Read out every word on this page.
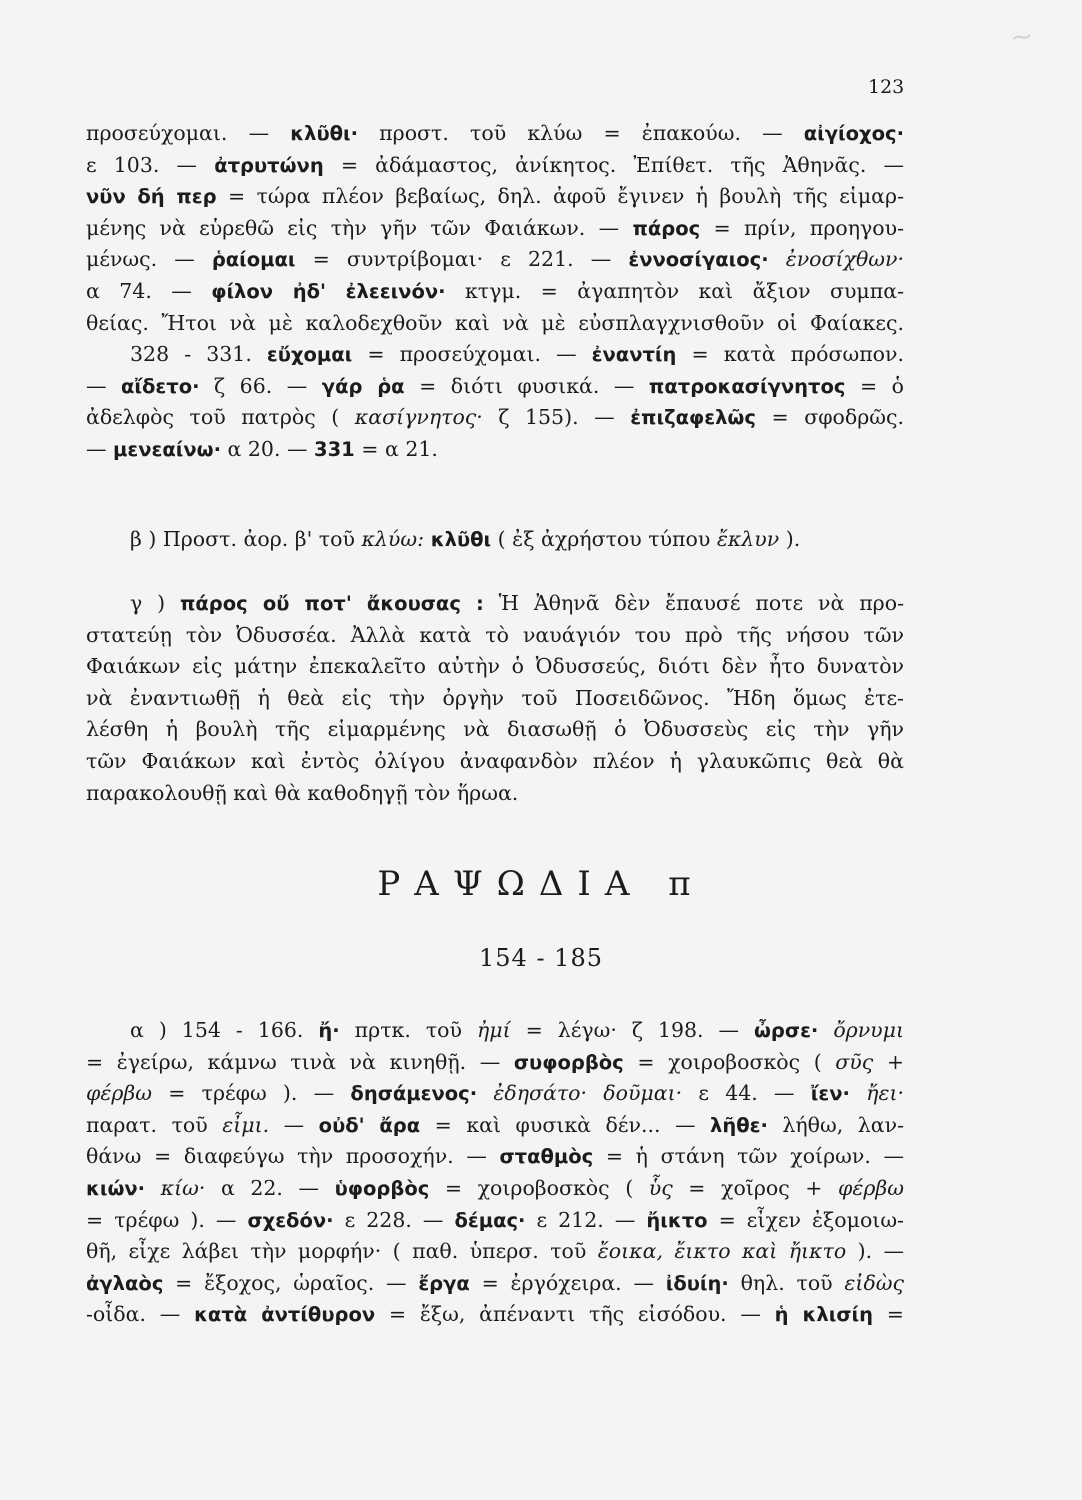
123
~
προσεύχομαι. — κλῦθι· προστ. τοῦ κλύω = ἐπακούω. — αἰγίοχος·
ε 103. — ἀτρυτώνη = ἀδάμαστος, ἀνίκητος. Ἐπίθετ. τῆς Ἀθηνᾶς. —
νῦν δή περ = τώρα πλέον βεβαίως, δηλ. ἀφοῦ ἔγινεν ἡ βουλὴ τῆς εἱμαρ-
μένης νὰ εὑρεθῶ εἰς τὴν γῆν τῶν Φαιάκων. — πάρος = πρίν, προηγου-
μένως. — ῥαίομαι = συντρίβομαι· ε 221. — ἐννοσίγαιος· ἐνοσίχθων·
α 74. — φίλον ἠδ' ἐλεεινόν· κτγμ. = ἀγαπητὸν καὶ ἄξιον συμπα-
θείας. Ἤτοι νὰ μὲ καλοδεχθοῦν καὶ νὰ μὲ εὐσπλαγχνισθοῦν οἱ Φαίακες.
328 - 331. εὔχομαι = προσεύχομαι. — ἐναντίη = κατὰ πρόσωπον.
— αἴδετο· ζ 66. — γάρ ῥα = διότι φυσικά. — πατροκασίγνητος = ὁ
ἀδελφὸς τοῦ πατρὸς ( κασίγνητος· ζ 155). — ἐπιζαφελῶς = σφοδρῶς.
— μενεαίνω· α 20. — 331 = α 21.
β ) Προστ. ἀορ. β' τοῦ κλύω: κλῦθι ( ἐξ ἀχρήστου τύπου ἔκλυν ).
γ ) πάρος οὔ ποτ' ἄκουσας : Ἡ Ἀθηνᾶ δὲν ἔπαυσέ ποτε νὰ προ-
στατεύῃ τὸν Ὀδυσσέα. Ἀλλὰ κατὰ τὸ ναυάγιόν του πρὸ τῆς νήσου τῶν
Φαιάκων εἰς μάτην ἐπεκαλεῖτο αὐτὴν ὁ Ὀδυσσεύς, διότι δὲν ἦτο δυνατὸν
νὰ ἐναντιωθῇ ἡ θεὰ εἰς τὴν ὀργὴν τοῦ Ποσειδῶνος. Ἤδη ὅμως ἐτε-
λέσθη ἡ βουλὴ τῆς εἱμαρμένης νὰ διασωθῇ ὁ Ὀδυσσεὺς εἰς τὴν γῆν
τῶν Φαιάκων καὶ ἐντὸς ὀλίγου ἀναφανδὸν πλέον ἡ γλαυκῶπις θεὰ θὰ
παρακολουθῇ καὶ θὰ καθοδηγῇ τὸν ἥρωα.
ΡΑΨΩΔΙΑ π
154 - 185
α ) 154 - 166. ἤ· πρτκ. τοῦ ἠμί = λέγω· ζ 198. — ὦρσε· ὄρνυμι
= ἐγείρω, κάμνω τινὰ νὰ κινηθῇ. — συφορβὸς = χοιροβοσκὸς ( σῦς +
φέρβω = τρέφω ). — δησάμενος· ἐδησάτο· δοῦμαι· ε 44. — ἴεν· ἤει·
παρατ. τοῦ εἶμι. — οὐδ' ἄρα = καὶ φυσικὰ δέν... — λῆθε· λήθω, λαν-
θάνω = διαφεύγω τὴν προσοχήν. — σταθμὸς = ἡ στάνη τῶν χοίρων. —
κιών· κίω· α 22. — ὑφορβὸς = χοιροβοσκὸς ( ὗς = χοῖρος + φέρβω
= τρέφω ). — σχεδόν· ε 228. — δέμας· ε 212. — ἤικτο = εἶχεν ἐξομοιω-
θῆ, εἶχε λάβει τὴν μορφήν· ( παθ. ὑπερσ. τοῦ ἔοικα, ἔικτο καὶ ἤικτο ). —
ἀγλαὸς = ἔξοχος, ὡραῖος. — ἔργα = ἐργόχειρα. — ἰδυίη· θηλ. τοῦ εἰδὼς
-οἶδα. — κατὰ ἀντίθυρον = ἔξω, ἀπέναντι τῆς εἰσόδου. — ἡ κλισίη =
